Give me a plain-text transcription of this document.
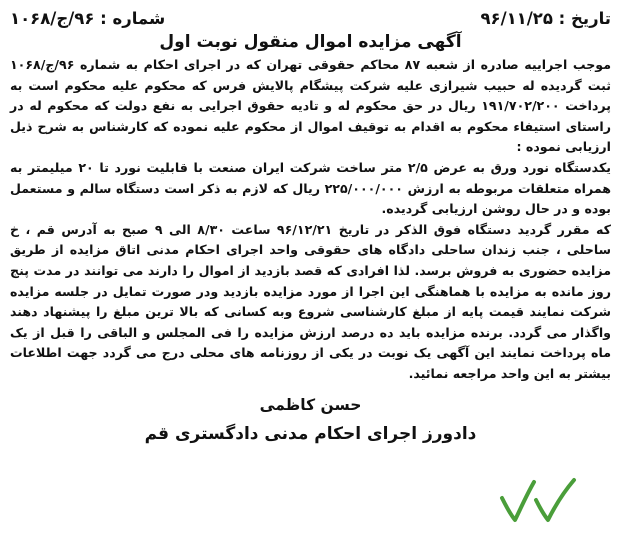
تاریخ : ۹۶/۱۱/۲۵
شماره : ۹۶/ج/۱۰۶۸
آگهی مزایده اموال منقول نوبت اول

موجب اجراییه صادره از شعبه ۸۷ محاکم حقوقی تهران که در اجرای احکام به شماره ۹۶/ج/۱۰۶۸ ثبت گردیده له حبیب شیرازی علیه شرکت پیشگام پالایش فرس که محکوم علیه محکوم است به پرداخت ۱۹۱/۷۰۲/۲۰۰ ریال در حق محکوم له و تادیه حقوق اجرایی به نفع دولت که محکوم له در راستای استیفاء محکوم به اقدام به توقیف اموال از محکوم علیه نموده که کارشناس به شرح ذیل ارزیابی نموده :

یکدستگاه نورد ورق به عرض ۲/۵ متر ساخت شرکت ایران صنعت با قابلیت نورد تا ۲۰ میلیمتر به همراه متعلقات مربوطه به ارزش ۲۲۵/۰۰۰/۰۰۰ ریال که لازم به ذکر است دستگاه سالم و مستعمل بوده و در حال روشن ارزیابی گردیده.

که مقرر گردید دستگاه فوق الذکر در تاریخ ۹۶/۱۲/۲۱ ساعت ۸/۳۰ الی ۹ صبح به آدرس قم ، خ ساحلی ، جنب زندان ساحلی دادگاه های حقوقی واحد اجرای احکام مدنی اتاق مزایده از طریق مزایده حضوری به فروش برسد. لذا افرادی که قصد بازدید از اموال را دارند می توانند در مدت پنج روز مانده به مزایده با هماهنگی این اجرا از مورد مزایده بازدید ودر صورت تمایل در جلسه مزایده شرکت نمایند قیمت پایه از مبلغ کارشناسی شروع وبه کسانی که بالا ترین مبلغ را پیشنهاد دهند واگذار می گردد. برنده مزایده باید ده درصد ارزش مزایده را فی المجلس و الباقی را قبل از یک ماه پرداخت نمایند این آگهی یک نوبت در یکی از روزنامه های محلی درج می گردد جهت اطلاعات بیشتر به این واحد مراجعه نمائید.

حسن کاظمی
دادورز اجرای احکام مدنی دادگستری قم
